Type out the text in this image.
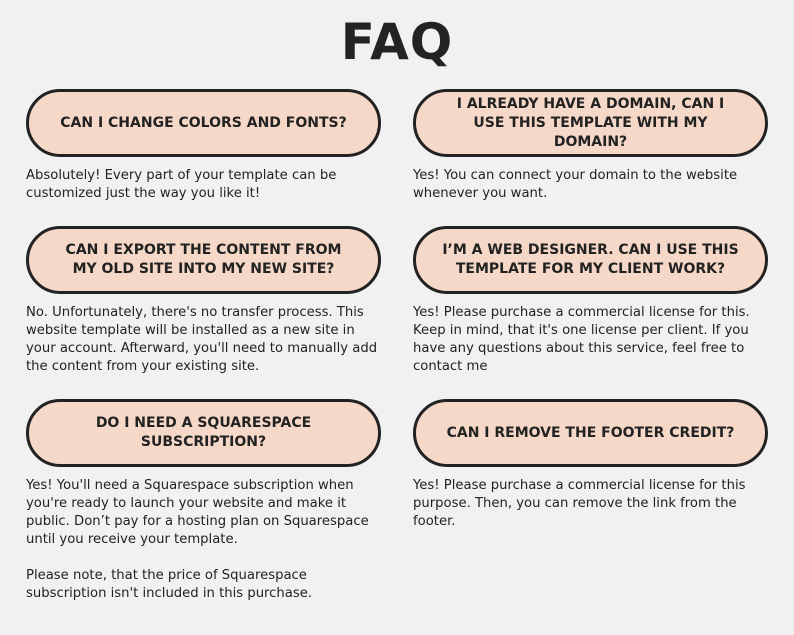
FAQ
CAN I CHANGE COLORS AND FONTS?

Absolutely! Every part of your template can be customized just the way you like it!

I ALREADY HAVE A DOMAIN, CAN I USE THIS TEMPLATE WITH MY DOMAIN?

Yes! You can connect your domain to the website whenever you want.

CAN I EXPORT THE CONTENT FROM MY OLD SITE INTO MY NEW SITE?

No. Unfortunately, there's no transfer process. This website template will be installed as a new site in your account. Afterward, you'll need to manually add the content from your existing site.

I’M A WEB DESIGNER. CAN I USE THIS TEMPLATE FOR MY CLIENT WORK?

Yes! Please purchase a commercial license for this. Keep in mind, that it's one license per client. If you have any questions about this service, feel free to contact me

DO I NEED A SQUARESPACE SUBSCRIPTION?

Yes! You'll need a Squarespace subscription when you're ready to launch your website and make it public. Don’t pay for a hosting plan on Squarespace until you receive your template.

Please note, that the price of Squarespace subscription isn't included in this purchase.

CAN I REMOVE THE FOOTER CREDIT?

Yes! Please purchase a commercial license for this purpose. Then, you can remove the link from the footer.
